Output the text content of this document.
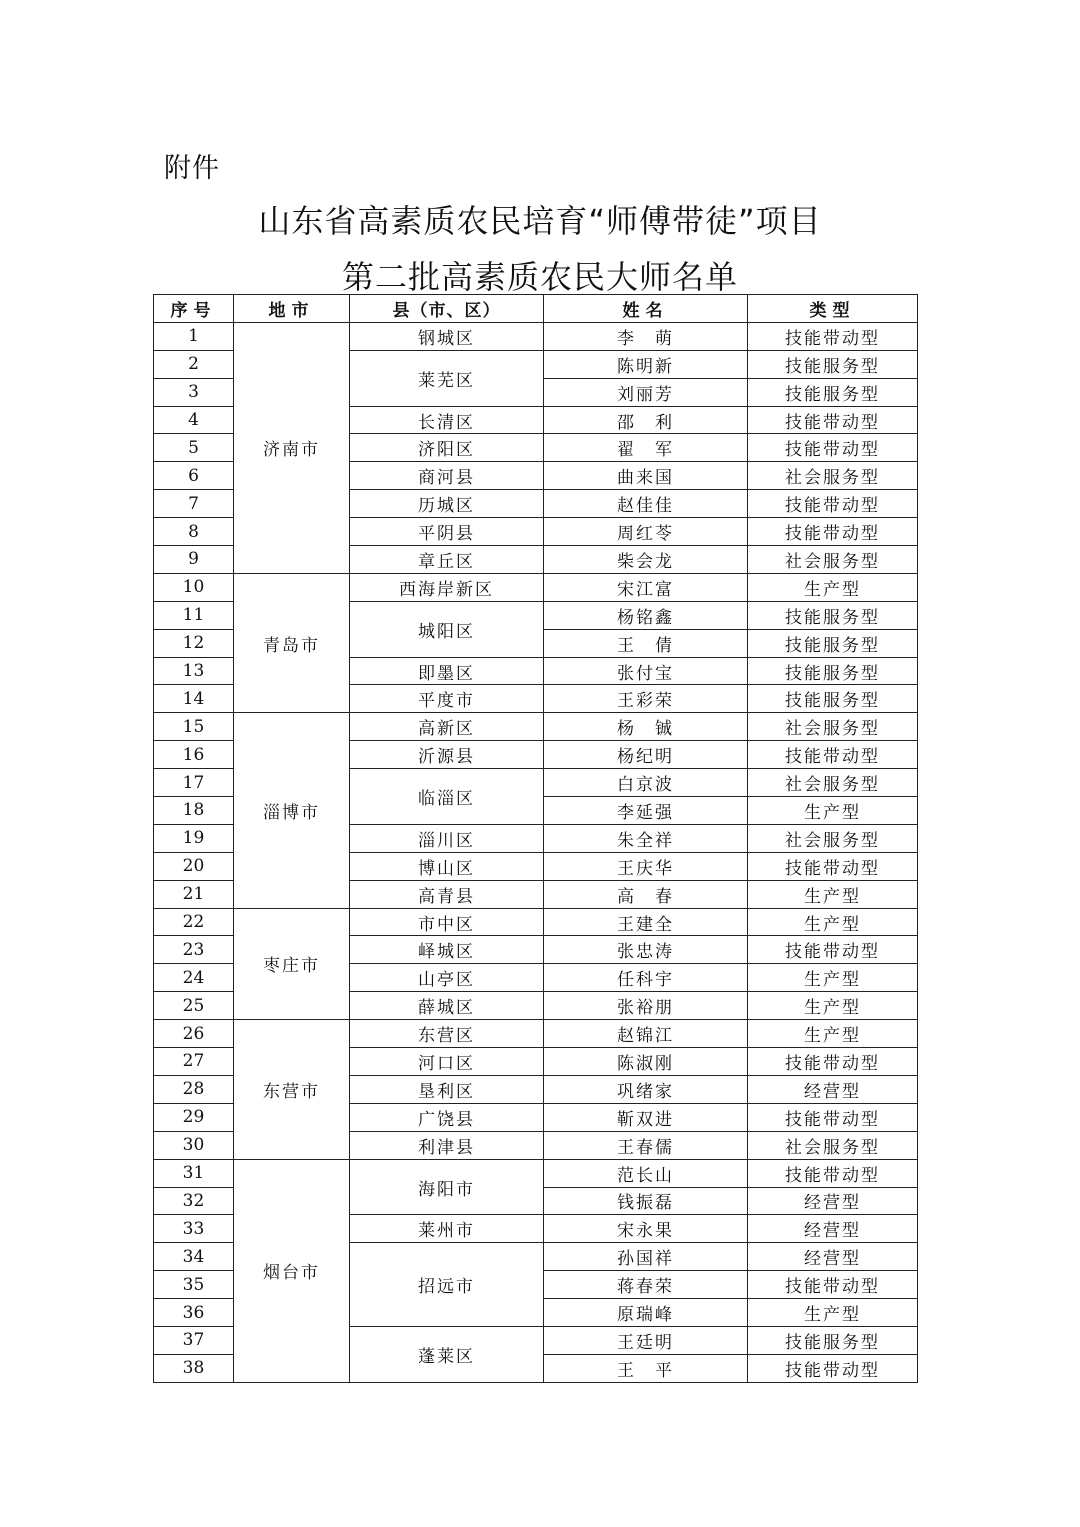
附件
山东省高素质农民培育“师傅带徒”项目
第二批高素质农民大师名单
序号	地市	县（市、区）	姓名	类型
1	济南市	钢城区	李　萌	技能带动型
2		莱芜区	陈明新	技能服务型
3			刘丽芳	技能服务型
4		长清区	邵　利	技能带动型
5		济阳区	翟　军	技能带动型
6		商河县	曲来国	社会服务型
7		历城区	赵佳佳	技能带动型
8		平阴县	周红苓	技能带动型
9		章丘区	柴会龙	社会服务型
10	青岛市	西海岸新区	宋江富	生产型
11		城阳区	杨铭鑫	技能服务型
12			王　倩	技能服务型
13		即墨区	张付宝	技能服务型
14		平度市	王彩荣	技能服务型
15	淄博市	高新区	杨　铖	社会服务型
16		沂源县	杨纪明	技能带动型
17		临淄区	白京波	社会服务型
18			李延强	生产型
19		淄川区	朱全祥	社会服务型
20		博山区	王庆华	技能带动型
21		高青县	高　春	生产型
22	枣庄市	市中区	王建全	生产型
23		峄城区	张忠涛	技能带动型
24		山亭区	任科宇	生产型
25		薛城区	张裕朋	生产型
26	东营市	东营区	赵锦江	生产型
27		河口区	陈淑刚	技能带动型
28		垦利区	巩绪家	经营型
29		广饶县	靳双进	技能带动型
30		利津县	王春儒	社会服务型
31	烟台市	海阳市	范长山	技能带动型
32			钱振磊	经营型
33		莱州市	宋永果	经营型
34		招远市	孙国祥	经营型
35			蒋春荣	技能带动型
36			原瑞峰	生产型
37		蓬莱区	王廷明	技能服务型
38			王　平	技能带动型
